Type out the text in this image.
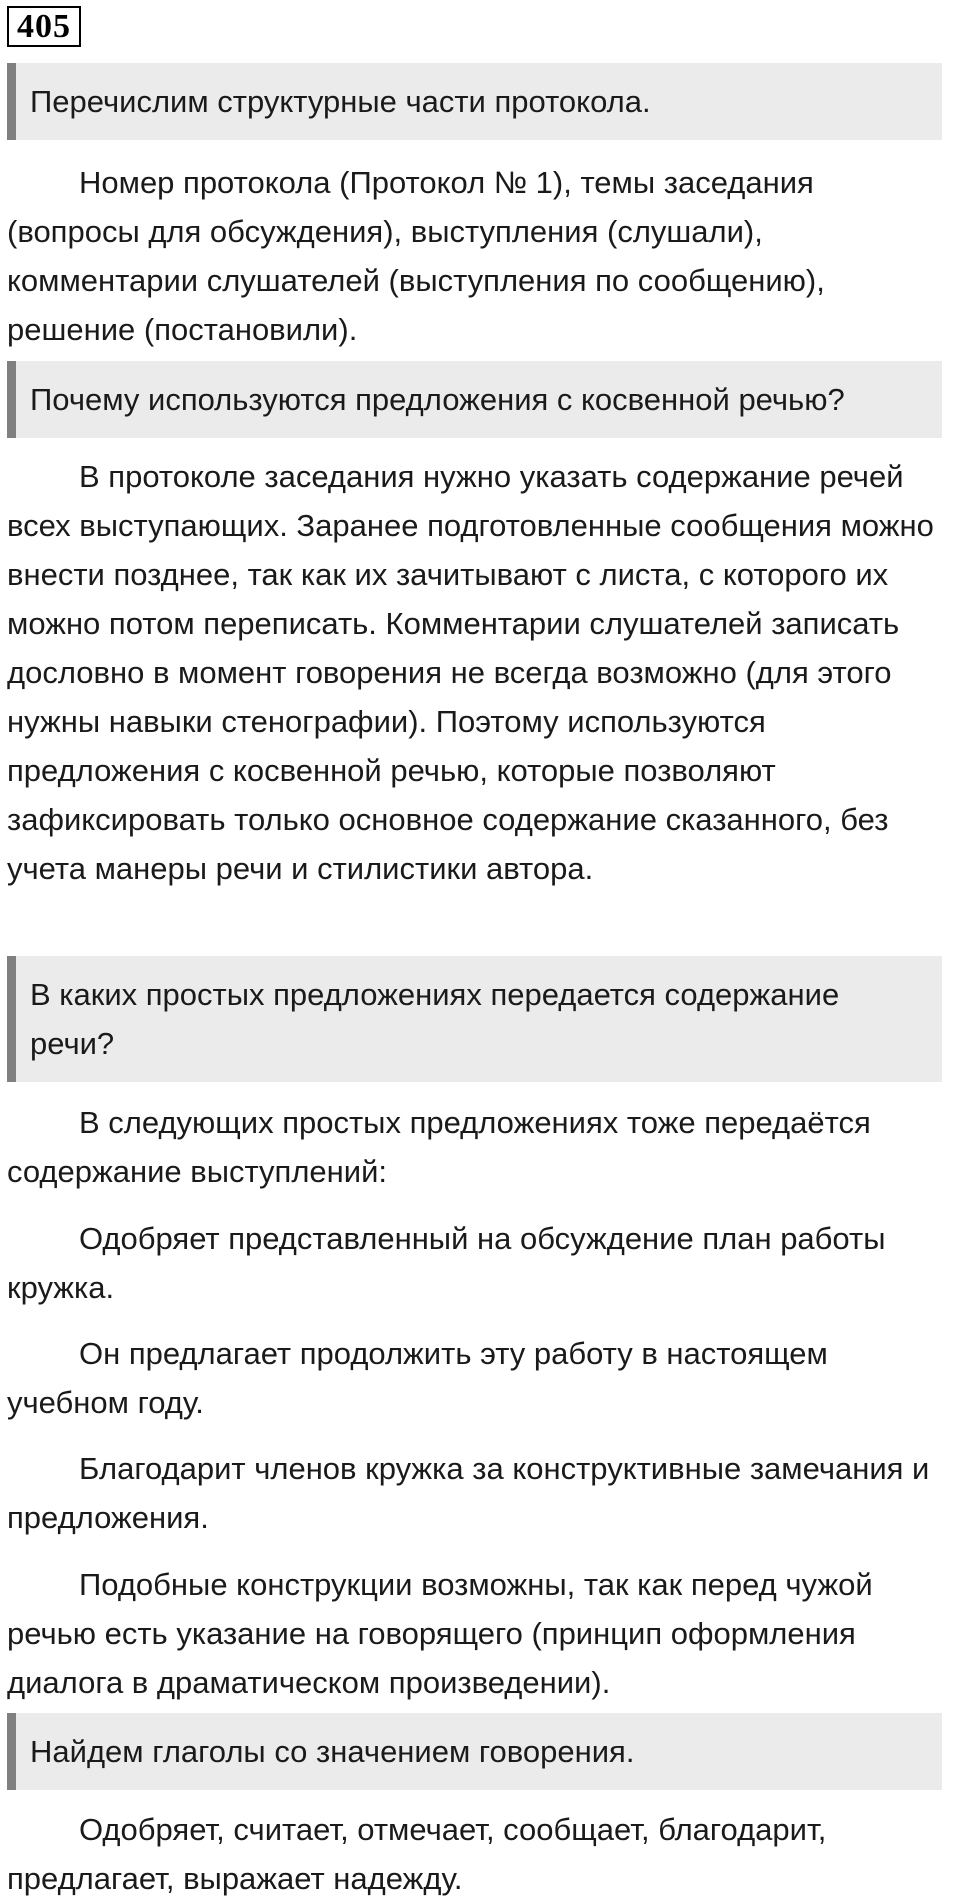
405
Перечислим структурные части протокола.

Номер протокола (Протокол № 1), темы заседания (вопросы для обсуждения), выступления (слушали), комментарии слушателей (выступления по сообщению), решение (постановили).

Почему используются предложения с косвенной речью?

В протоколе заседания нужно указать содержание речей всех выступающих. Заранее подготовленные сообщения можно внести позднее, так как их зачитывают с листа, с которого их можно потом переписать. Комментарии слушателей записать дословно в момент говорения не всегда возможно (для этого нужны навыки стенографии). Поэтому используются предложения с косвенной речью, которые позволяют зафиксировать только основное содержание сказанного, без учета манеры речи и стилистики автора.

В каких простых предложениях передается содержание речи?

В следующих простых предложениях тоже передаётся содержание выступлений:

Одобряет представленный на обсуждение план работы кружка.

Он предлагает продолжить эту работу в настоящем учебном году.

Благодарит членов кружка за конструктивные замечания и предложения.

Подобные конструкции возможны, так как перед чужой речью есть указание на говорящего (принцип оформления диалога в драматическом произведении).

Найдем глаголы со значением говорения.

Одобряет, считает, отмечает, сообщает, благодарит, предлагает, выражает надежду.
